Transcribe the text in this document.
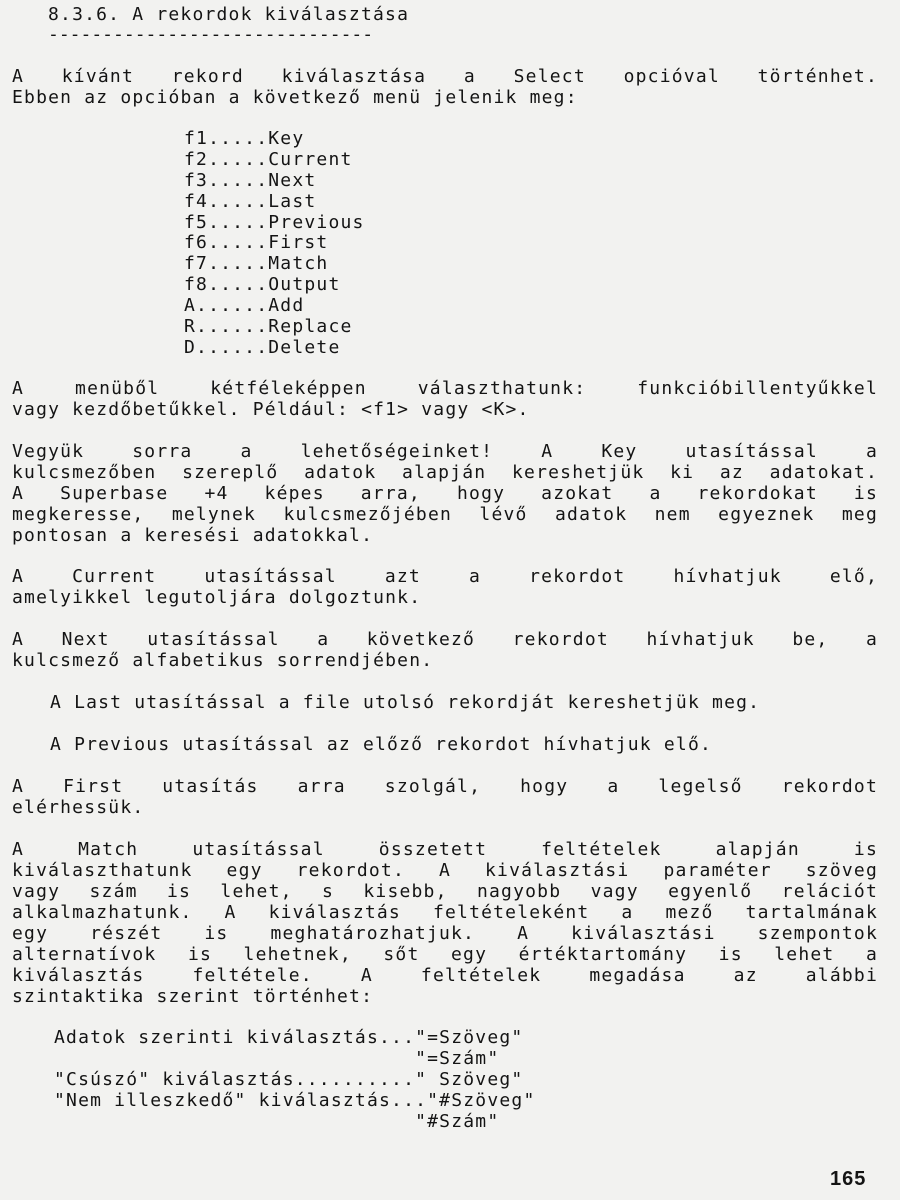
8.3.6. A rekordok kiválasztása
------------------------------
A kívánt rekord kiválasztása a Select opcióval történhet.
Ebben az opcióban a következő menü jelenik meg:
f1.....Key
f2.....Current
f3.....Next
f4.....Last
f5.....Previous
f6.....First
f7.....Match
f8.....Output
A......Add
R......Replace
D......Delete
A menüből kétféleképpen választhatunk: funkcióbillentyűkkel
vagy kezdőbetűkkel. Például: <f1> vagy <K>.
Vegyük sorra a lehetőségeinket! A Key utasítással a
kulcsmezőben szereplő adatok alapján kereshetjük ki az adatokat.
A Superbase +4 képes arra, hogy azokat a rekordokat is
megkeresse, melynek kulcsmezőjében lévő adatok nem egyeznek meg
pontosan a keresési adatokkal.
A Current utasítással azt a rekordot hívhatjuk elő,
amelyikkel legutoljára dolgoztunk.
A Next utasítással a következő rekordot hívhatjuk be, a
kulcsmező alfabetikus sorrendjében.
A Last utasítással a file utolsó rekordját kereshetjük meg.
A Previous utasítással az előző rekordot hívhatjuk elő.
A First utasítás arra szolgál, hogy a legelső rekordot
elérhessük.
A Match utasítással összetett feltételek alapján is
kiválaszthatunk egy rekordot. A kiválasztási paraméter szöveg
vagy szám is lehet, s kisebb, nagyobb vagy egyenlő relációt
alkalmazhatunk. A kiválasztás feltételeként a mező tartalmának
egy részét is meghatározhatjuk. A kiválasztási szempontok
alternatívok is lehetnek, sőt egy értéktartomány is lehet a
kiválasztás feltétele. A feltételek megadása az alábbi
szintaktika szerint történhet:
Adatok szerinti kiválasztás..."=Szöveg"
"=Szám"
"Csúszó" kiválasztás.........." Szöveg"
"Nem illeszkedő" kiválasztás..."#Szöveg"
"#Szám"
165
